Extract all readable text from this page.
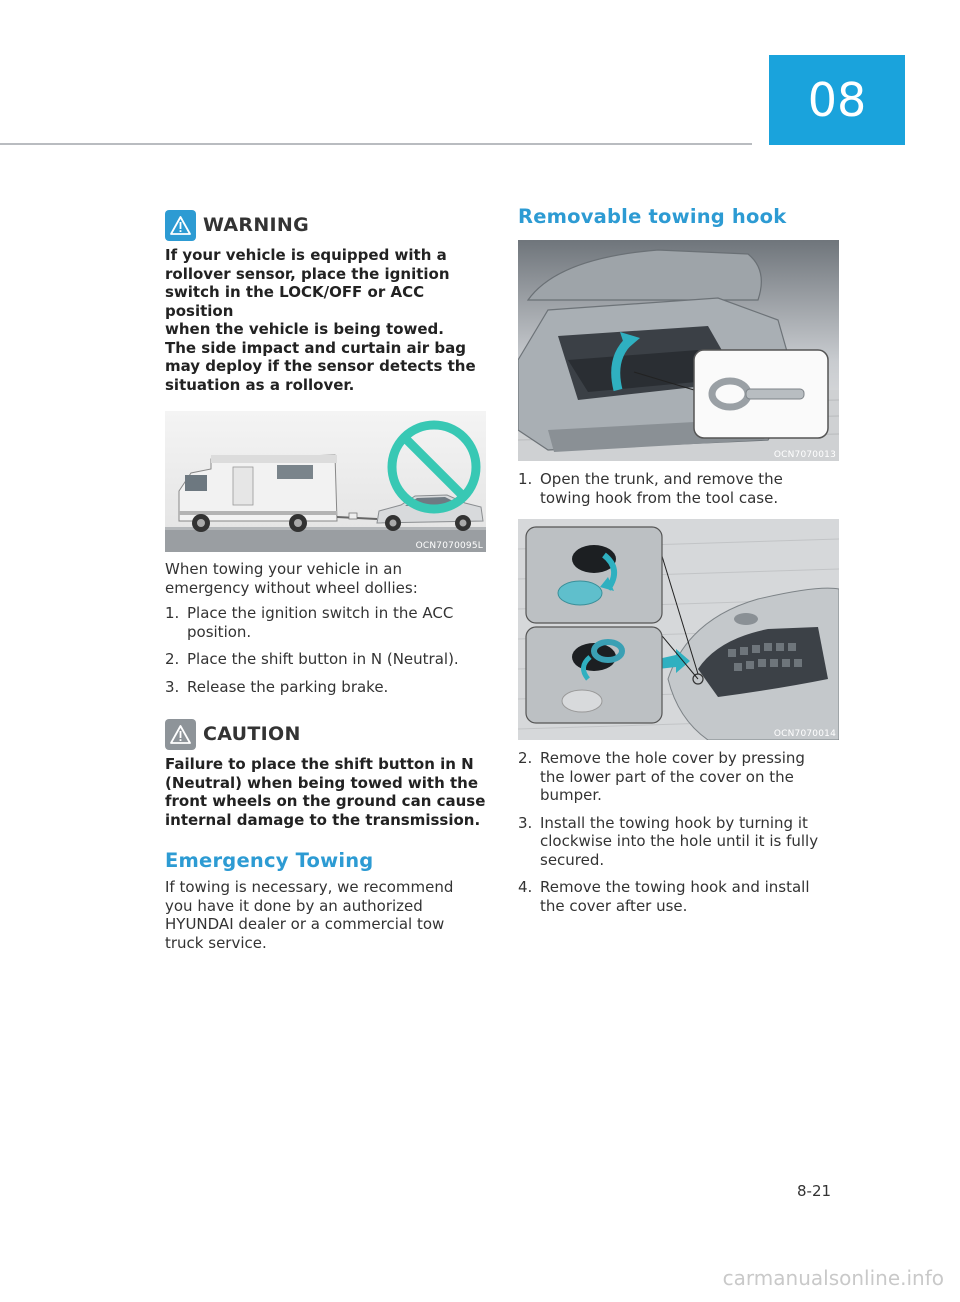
08
WARNING
If your vehicle is equipped with a
rollover sensor, place the ignition
switch in the LOCK/OFF or ACC position
when the vehicle is being towed.
The side impact and curtain air bag
may deploy if the sensor detects the
situation as a rollover.
OCN7070095L
When towing your vehicle in an
emergency without wheel dollies:
1. Place the ignition switch in the ACC
position.
2. Place the shift button in N (Neutral).
3. Release the parking brake.
CAUTION
Failure to place the shift button in N
(Neutral) when being towed with the
front wheels on the ground can cause
internal damage to the transmission.
Emergency Towing
If towing is necessary, we recommend
you have it done by an authorized
HYUNDAI dealer or a commercial tow
truck service.
Removable towing hook
OCN7070013
1. Open the trunk, and remove the
towing hook from the tool case.
OCN7070014
2. Remove the hole cover by pressing
the lower part of the cover on the
bumper.
3. Install the towing hook by turning it
clockwise into the hole until it is fully
secured.
4. Remove the towing hook and install
the cover after use.
8-21
carmanualsonline.info
